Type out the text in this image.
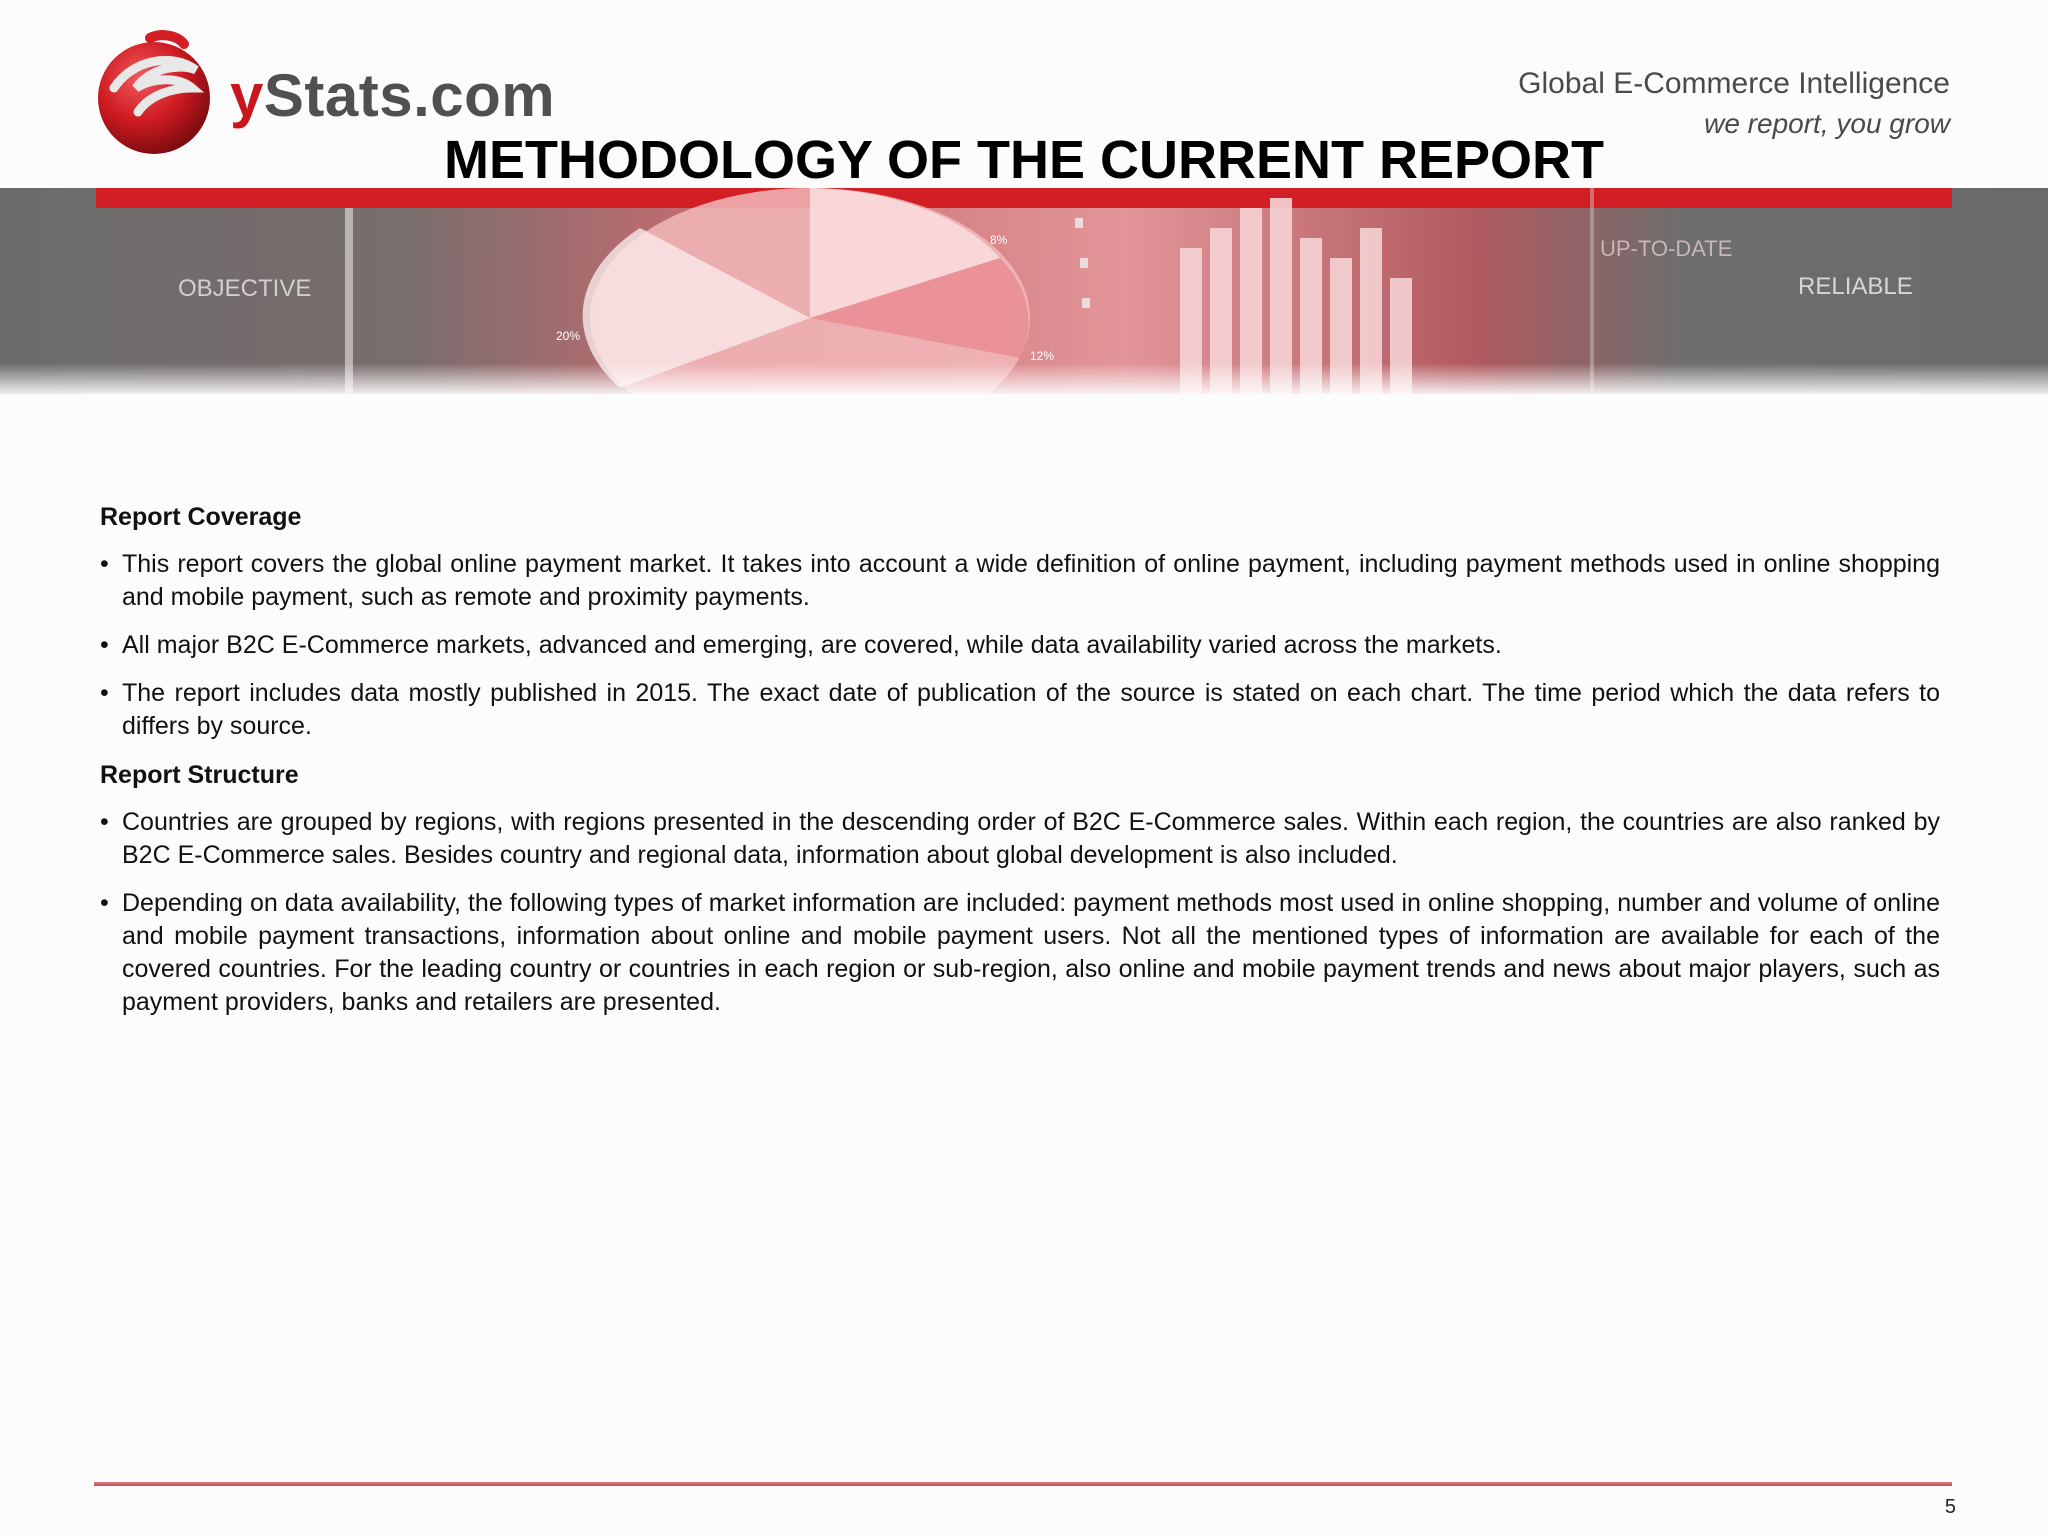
yStats.com	Global E-Commerce Intelligence
we report, you grow
OBJECTIVE
UP-TO-DATE
RELIABLE
20%
8%
12%
METHODOLOGY OF THE CURRENT REPORT
Report Coverage
• This report covers the global online payment market. It takes into account a wide definition of online payment, including payment methods used in online shopping and mobile payment, such as remote and proximity payments.
• All major B2C E-Commerce markets, advanced and emerging, are covered, while data availability varied across the markets.
• The report includes data mostly published in 2015. The exact date of publication of the source is stated on each chart. The time period which the data refers to differs by source.
Report Structure
• Countries are grouped by regions, with regions presented in the descending order of B2C E-Commerce sales. Within each region, the countries are also ranked by B2C E-Commerce sales. Besides country and regional data, information about global development is also included.
• Depending on data availability, the following types of market information are included: payment methods most used in online shopping, number and volume of online and mobile payment transactions, information about online and mobile payment users. Not all the mentioned types of information are available for each of the covered countries. For the leading country or countries in each region or sub-region, also online and mobile payment trends and news about major players, such as payment providers, banks and retailers are presented.
5
